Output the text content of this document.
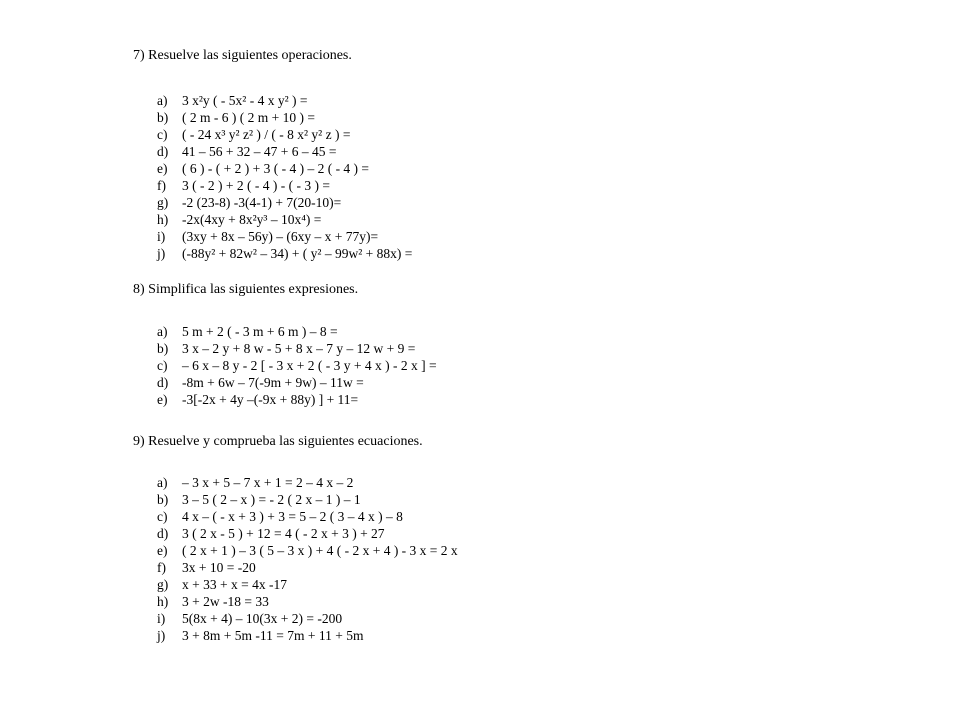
7) Resuelve las siguientes operaciones.
a)	3 x²y ( - 5x² - 4 x y² ) =
b)	( 2 m - 6 ) ( 2 m + 10 ) =
c)	( - 24 x³ y² z² ) / ( - 8 x² y² z ) =
d)	41 – 56 + 32 – 47 + 6 – 45 =
e)	( 6 ) - ( + 2 ) + 3 ( - 4 ) – 2 ( - 4 ) =
f)	3 ( - 2 ) + 2 ( - 4 ) - ( - 3 ) =
g)	-2 (23-8) -3(4-1) + 7(20-10)=
h)	-2x(4xy + 8x²y³ – 10x⁴) =
i)	(3xy + 8x – 56y) – (6xy – x + 77y)=
j)	(-88y² + 82w² – 34) + ( y² – 99w² + 88x) =
8) Simplifica las siguientes expresiones.
a)	5 m + 2 ( - 3 m + 6 m ) – 8 =
b)	3 x – 2 y + 8 w - 5 + 8 x – 7 y – 12 w + 9 =
c)	– 6 x – 8 y - 2 [ - 3 x + 2 ( - 3 y + 4 x ) - 2 x ] =
d)	-8m + 6w – 7(-9m + 9w) – 11w =
e)	-3[-2x + 4y –(-9x + 88y) ] + 11=
9) Resuelve y comprueba las siguientes ecuaciones.
a)	– 3 x + 5 – 7 x + 1 = 2 – 4 x – 2
b)	3 – 5 ( 2 – x ) = - 2 ( 2 x – 1 ) – 1
c)	4 x – ( - x + 3 ) + 3 = 5 – 2 ( 3 – 4 x ) – 8
d)	3 ( 2 x - 5 ) + 12 = 4 ( - 2 x + 3 ) + 27
e)	( 2 x + 1 ) – 3 ( 5 – 3 x ) + 4 ( - 2 x + 4 ) - 3 x = 2 x
f)	3x + 10 = -20
g)	x + 33 + x = 4x -17
h)	3 + 2w -18 = 33
i)	5(8x + 4) – 10(3x + 2) = -200
j)	3 + 8m + 5m -11 = 7m + 11 + 5m
